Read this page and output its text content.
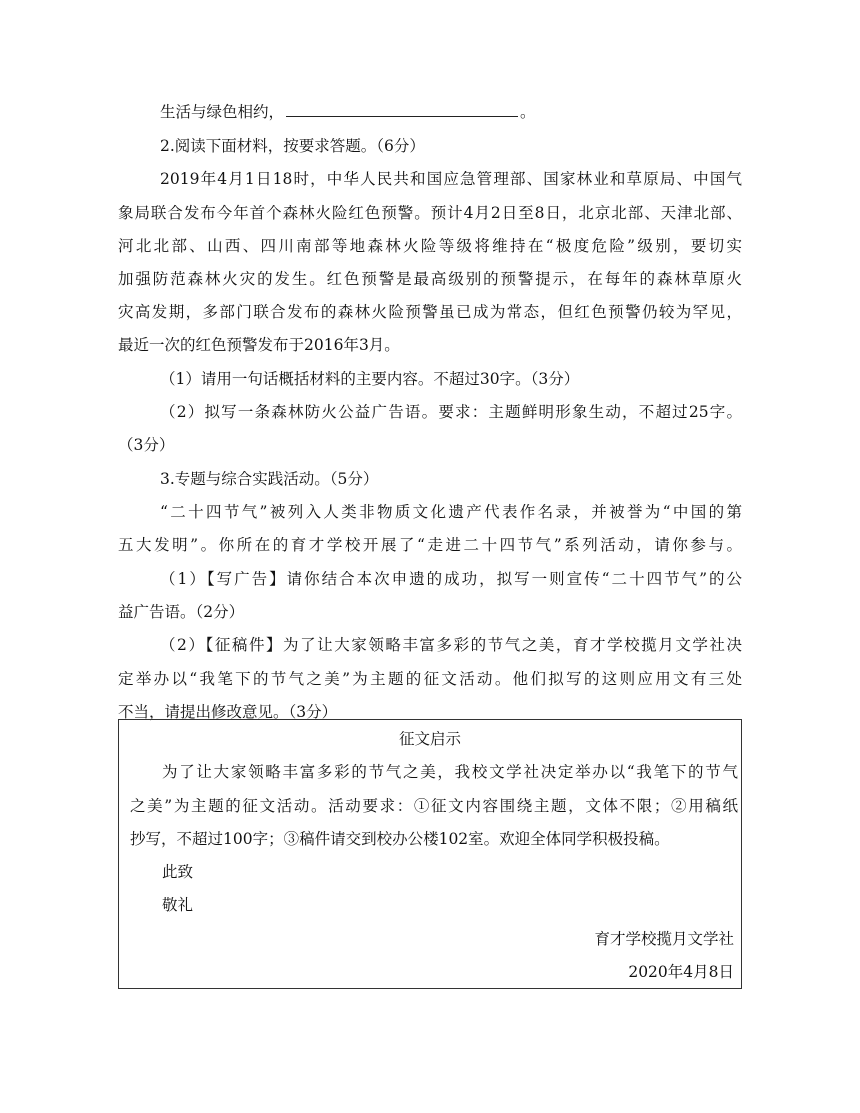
生活与绿色相约，	。
2.阅读下面材料，按要求答题。（6分）
2019年4月1日18时，中华人民共和国应急管理部、国家林业和草原局、中国气
象局联合发布今年首个森林火险红色预警。预计4月2日至8日，北京北部、天津北部、
河北北部、山西、四川南部等地森林火险等级将维持在“极度危险”级别，要切实
加强防范森林火灾的发生。红色预警是最高级别的预警提示，在每年的森林草原火
灾高发期，多部门联合发布的森林火险预警虽已成为常态，但红色预警仍较为罕见，
最近一次的红色预警发布于2016年3月。
（1）请用一句话概括材料的主要内容。不超过30字。（3分）
（2）拟写一条森林防火公益广告语。要求：主题鲜明形象生动，不超过25字。
（3分）
3.专题与综合实践活动。（5分）
“二十四节气”被列入人类非物质文化遗产代表作名录，并被誉为“中国的第
五大发明”。你所在的育才学校开展了“走进二十四节气”系列活动，请你参与。
（1）【写广告】请你结合本次申遗的成功，拟写一则宣传“二十四节气”的公
益广告语。（2分）
（2）【征稿件】为了让大家领略丰富多彩的节气之美，育才学校揽月文学社决
定举办以“我笔下的节气之美”为主题的征文活动。他们拟写的这则应用文有三处
不当，请提出修改意见。（3分）
征文启示
为了让大家领略丰富多彩的节气之美，我校文学社决定举办以“我笔下的节气
之美”为主题的征文活动。活动要求：①征文内容围绕主题，文体不限；②用稿纸
抄写，不超过100字；③稿件请交到校办公楼102室。欢迎全体同学积极投稿。
此致
敬礼
育才学校揽月文学社
2020年4月8日
